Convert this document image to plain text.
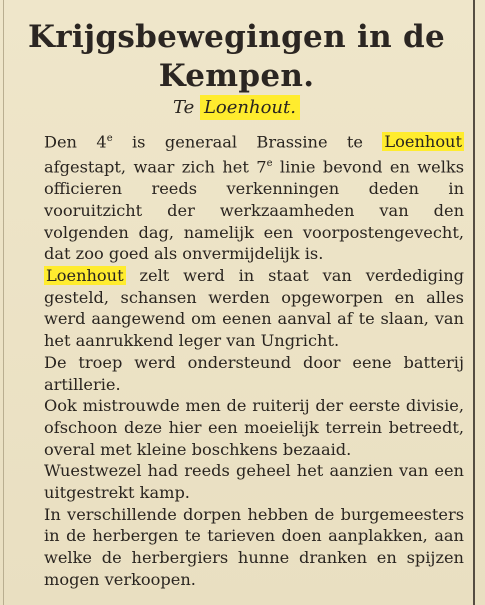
Krijgsbewegingen in de
Kempen.
Te Loenhout.

Den 4e is generaal Brassine te Loenhout afgestapt, waar zich het 7e linie bevond en welks officieren reeds verkenningen deden in vooruitzicht der werkzaamheden van den volgenden dag, namelijk een voorpostengevecht, dat zoo goed als onvermijdelijk is.

Loenhout zelt werd in staat van verdediging gesteld, schansen werden opgeworpen en alles werd aangewend om eenen aanval af te slaan, van het aanrukkend leger van Ungricht.

De troep werd ondersteund door eene batterij artillerie.

Ook mistrouwde men de ruiterij der eerste divisie, ofschoon deze hier een moeielijk terrein betreedt, overal met kleine boschkens bezaaid.

Wuestwezel had reeds geheel het aanzien van een uitgestrekt kamp.

In verschillende dorpen hebben de burgemeesters in de herbergen te tarieven doen aanplakken, aan welke de herbergiers hunne dranken en spijzen mogen verkoopen.
